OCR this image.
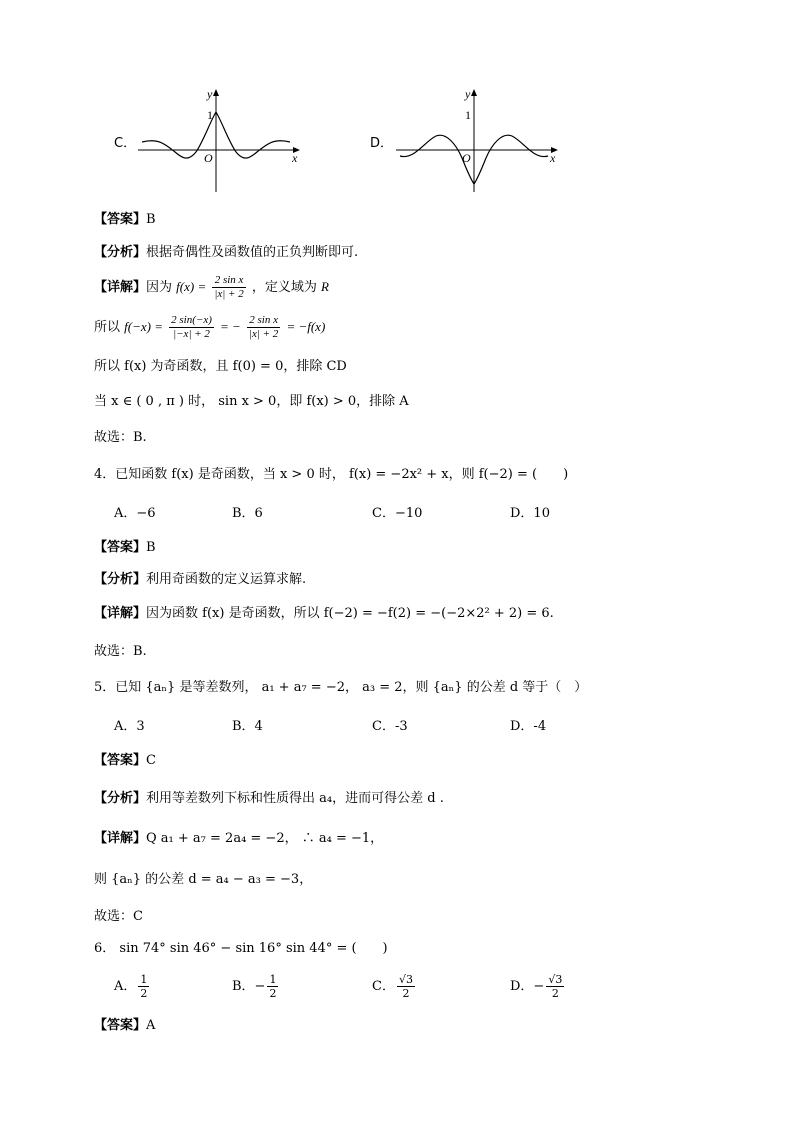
C．
y
x
O
1
D．
y
x
O
1
【答案】B
【分析】根据奇偶性及函数值的正负判断即可.
【详解】因为 $f(x) = \frac{\text{2 sin x}}{|x| + 2}$ ，定义域为 R
所以 $f(-x) = \frac{2 \sin(-x)}{|-x| + 2}$ = − $\frac{\text{2 sin x}}{|x| + 2} = -f(x)$
所以 f(x) 为奇函数，且 f(0) = 0，排除 CD
当 x ∈ ( 0 , π ) 时， sin x > 0，即 f(x) > 0，排除 A
故选：B.
4．已知函数 f(x) 是奇函数，当 x > 0 时， f(x) = −2x² + x，则 f(−2) = (　　)
A．−6	B．6	C．−10	D．10
【答案】B
【分析】利用奇函数的定义运算求解.
【详解】因为函数 f(x) 是奇函数，所以 f(−2) = −f(2) = −(−2×2² + 2) = 6.
故选：B.
5．已知 {aₙ} 是等差数列， a₁ + a₇ = −2， a₃ = 2，则 {aₙ} 的公差 d 等于（　）
A．3	B．4	C．-3	D．-4
【答案】C
【分析】利用等差数列下标和性质得出 a₄，进而可得公差 d .
【详解】Q a₁ + a₇ = 2a₄ = −2， ∴ a₄ = −1，
则 {aₙ} 的公差 d = a₄ − a₃ = −3，
故选：C
6． sin 74° sin 46° − sin 16° sin 44° = (　　)
A． $\frac{1}{2}$	B．− $\frac{1}{2}$	C． $\frac{√3}{2}$	D．− $\frac{√3}{2}$
【答案】A
